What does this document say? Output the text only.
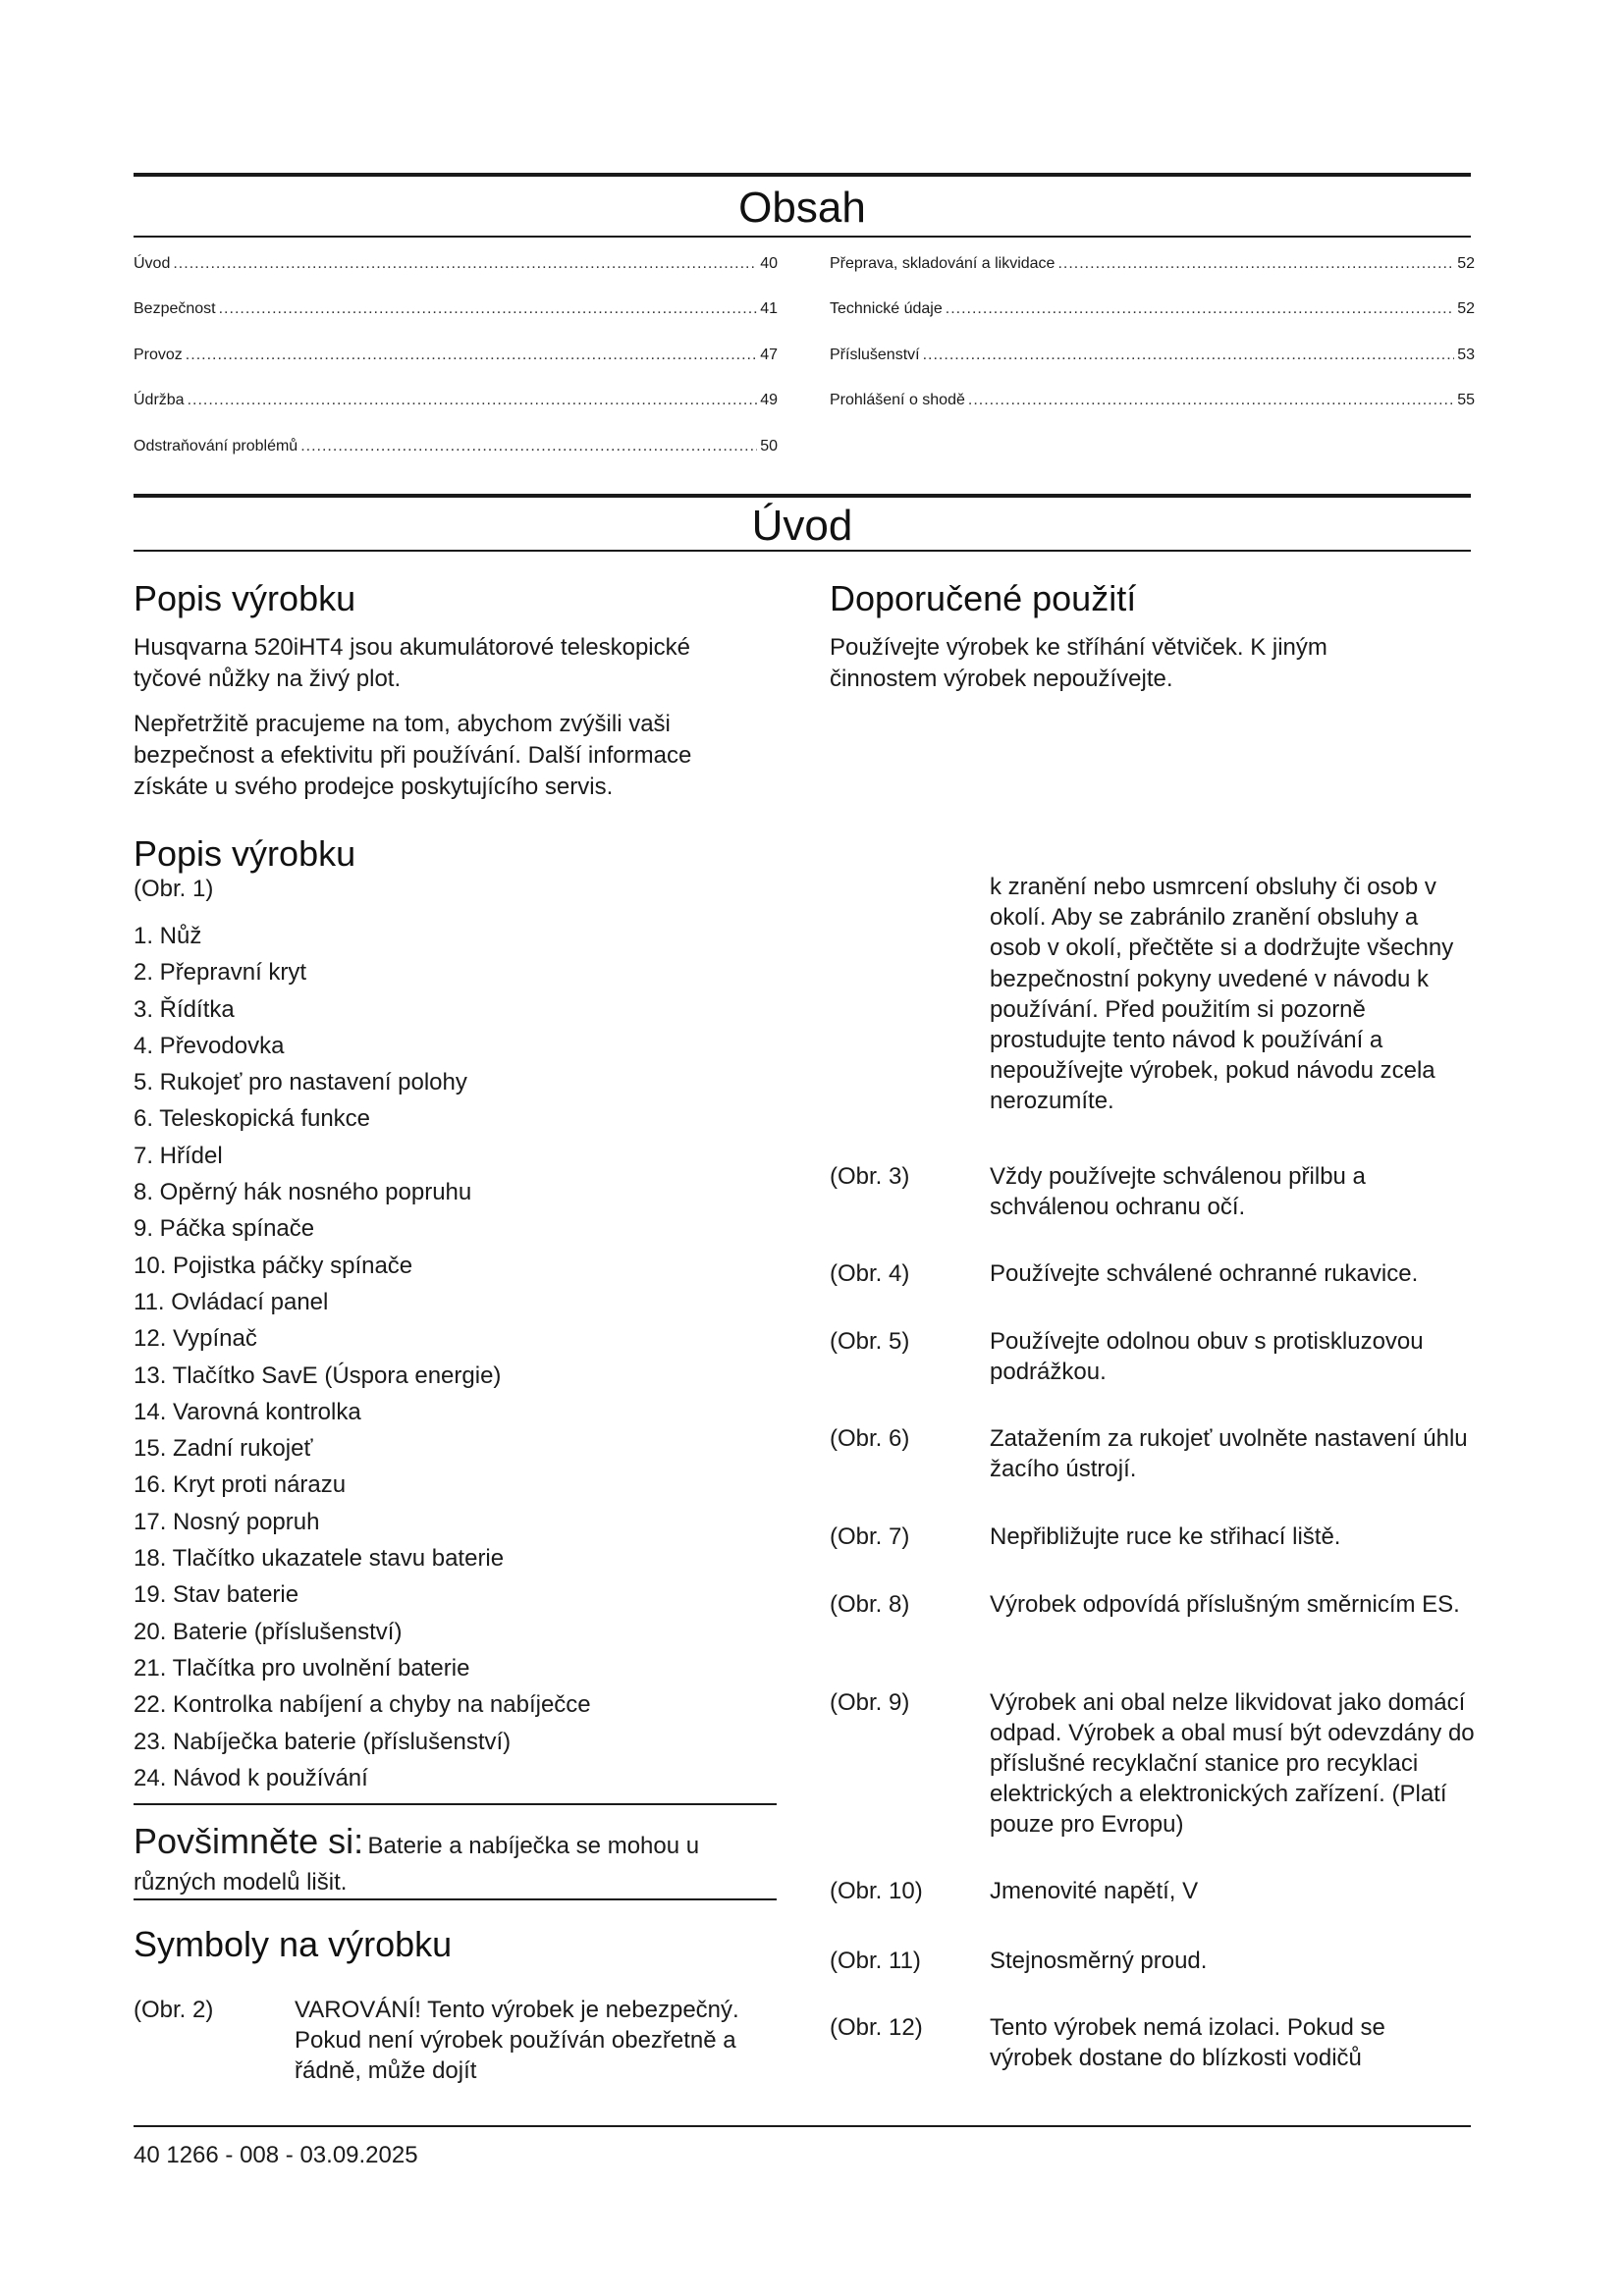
Obsah
Úvod .....	40
Bezpečnost .....	41
Provoz .....	47
Údržba .....	49
Odstraňování problémů .....	50
Přeprava, skladování a likvidace .....	52
Technické údaje .....	52
Příslušenství .....	53
Prohlášení o shodě .....	55
Úvod
Popis výrobku
Husqvarna 520iHT4 jsou akumulátorové teleskopické tyčové nůžky na živý plot.
Nepřetržitě pracujeme na tom, abychom zvýšili vaši bezpečnost a efektivitu při používání. Další informace získáte u svého prodejce poskytujícího servis.
Doporučené použití
Používejte výrobek ke stříhání větviček. K jiným činnostem výrobek nepoužívejte.
Popis výrobku
(Obr. 1)
1. Nůž
2. Přepravní kryt
3. Řídítka
4. Převodovka
5. Rukojeť pro nastavení polohy
6. Teleskopická funkce
7. Hřídel
8. Opěrný hák nosného popruhu
9. Páčka spínače
10. Pojistka páčky spínače
11. Ovládací panel
12. Vypínač
13. Tlačítko SavE (Úspora energie)
14. Varovná kontrolka
15. Zadní rukojeť
16. Kryt proti nárazu
17. Nosný popruh
18. Tlačítko ukazatele stavu baterie
19. Stav baterie
20. Baterie (příslušenství)
21. Tlačítka pro uvolnění baterie
22. Kontrolka nabíjení a chyby na nabíječce
23. Nabíječka baterie (příslušenství)
24. Návod k používání
Povšimněte si: Baterie a nabíječka se mohou u různých modelů lišit.
Symboly na výrobku
(Obr. 2)	VAROVÁNÍ! Tento výrobek je nebezpečný. Pokud není výrobek používán obezřetně a řádně, může dojít
k zranění nebo usmrcení obsluhy či osob v okolí. Aby se zabránilo zranění obsluhy a osob v okolí, přečtěte si a dodržujte všechny bezpečnostní pokyny uvedené v návodu k používání. Před použitím si pozorně prostudujte tento návod k používání a nepoužívejte výrobek, pokud návodu zcela nerozumíte.
(Obr. 3)	Vždy používejte schválenou přilbu a schválenou ochranu očí.
(Obr. 4)	Používejte schválené ochranné rukavice.
(Obr. 5)	Používejte odolnou obuv s protiskluzovou podrážkou.
(Obr. 6)	Zatažením za rukojeť uvolněte nastavení úhlu žacího ústrojí.
(Obr. 7)	Nepřibližujte ruce ke střihací liště.
(Obr. 8)	Výrobek odpovídá příslušným směrnicím ES.
(Obr. 9)	Výrobek ani obal nelze likvidovat jako domácí odpad. Výrobek a obal musí být odevzdány do příslušné recyklační stanice pro recyklaci elektrických a elektronických zařízení. (Platí pouze pro Evropu)
(Obr. 10)	Jmenovité napětí, V
(Obr. 11)	Stejnosměrný proud.
(Obr. 12)	Tento výrobek nemá izolaci. Pokud se výrobek dostane do blízkosti vodičů
40 1266 - 008 - 03.09.2025
